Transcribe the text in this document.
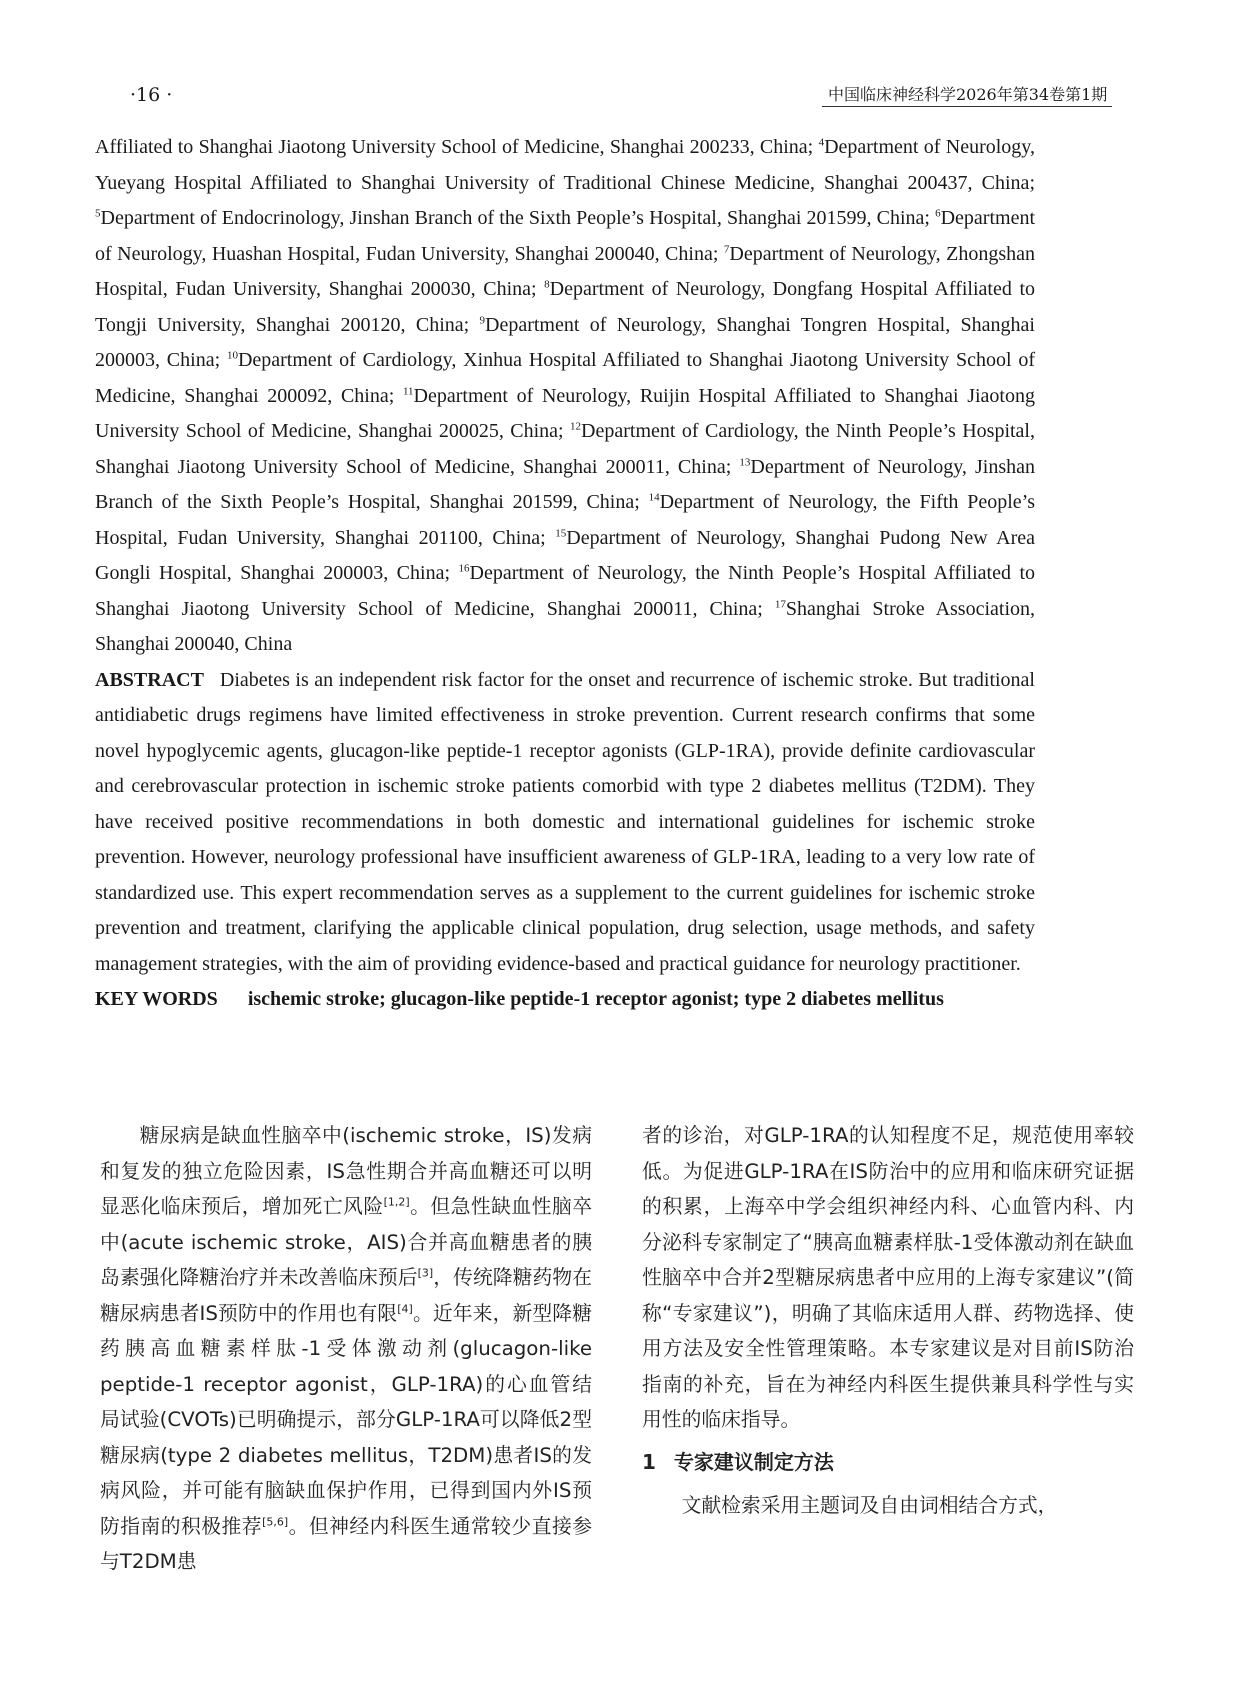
·16 ·	中国临床神经科学2026年第34卷第1期

Affiliated to Shanghai Jiaotong University School of Medicine, Shanghai 200233, China; $^4$Department of Neurology, Yueyang Hospital Affiliated to Shanghai University of Traditional Chinese Medicine, Shanghai 200437, China; $^5$Department of Endocrinology, Jinshan Branch of the Sixth People’s Hospital, Shanghai 201599, China; $^6$Department of Neurology, Huashan Hospital, Fudan University, Shanghai 200040, China; $^7$Department of Neurology, Zhongshan Hospital, Fudan University, Shanghai 200030, China; $^8$Department of Neurology, Dongfang Hospital Affiliated to Tongji University, Shanghai 200120, China; $^9$Department of Neurology, Shanghai Tongren Hospital, Shanghai 200003, China; $^{10}$Department of Cardiology, Xinhua Hospital Affiliated to Shanghai Jiaotong University School of Medicine, Shanghai 200092, China; $^{11}$Department of Neurology, Ruijin Hospital Affiliated to Shanghai Jiaotong University School of Medicine, Shanghai 200025, China; $^{12}$Department of Cardiology, the Ninth People’s Hospital, Shanghai Jiaotong University School of Medicine, Shanghai 200011, China; $^{13}$Department of Neurology, Jinshan Branch of the Sixth People’s Hospital, Shanghai 201599, China; $^{14}$Department of Neurology, the Fifth People’s Hospital, Fudan University, Shanghai 201100, China; $^{15}$Department of Neurology, Shanghai Pudong New Area Gongli Hospital, Shanghai 200003, China; $^{16}$Department of Neurology, the Ninth People’s Hospital Affiliated to Shanghai Jiaotong University School of Medicine, Shanghai 200011, China; $^{17}$Shanghai Stroke Association, Shanghai 200040, China

ABSTRACT Diabetes is an independent risk factor for the onset and recurrence of ischemic stroke. But traditional antidiabetic drugs regimens have limited effectiveness in stroke prevention. Current research confirms that some novel hypoglycemic agents, glucagon-like peptide-1 receptor agonists (GLP-1RA), provide definite cardiovascular and cerebrovascular protection in ischemic stroke patients comorbid with type 2 diabetes mellitus (T2DM). They have received positive recommendations in both domestic and international guidelines for ischemic stroke prevention. However, neurology professional have insufficient awareness of GLP-1RA, leading to a very low rate of standardized use. This expert recommendation serves as a supplement to the current guidelines for ischemic stroke prevention and treatment, clarifying the applicable clinical population, drug selection, usage methods, and safety management strategies, with the aim of providing evidence-based and practical guidance for neurology practitioner.

KEY WORDS ischemic stroke; glucagon-like peptide-1 receptor agonist; type 2 diabetes mellitus

糖尿病是缺血性脑卒中(ischemic stroke，IS)发病和复发的独立危险因素，IS急性期合并高血糖还可以明显恶化临床预后，增加死亡风险[1,2]。但急性缺血性脑卒中(acute ischemic stroke，AIS)合并高血糖患者的胰岛素强化降糖治疗并未改善临床预后[3]，传统降糖药物在糖尿病患者IS预防中的作用也有限[4]。近年来，新型降糖药胰高血糖素样肽-1受体激动剂(glucagon-like peptide-1 receptor agonist，GLP-1RA)的心血管结局试验(CVOTs)已明确提示，部分GLP-1RA可以降低2型糖尿病(type 2 diabetes mellitus，T2DM)患者IS的发病风险，并可能有脑缺血保护作用，已得到国内外IS预防指南的积极推荐[5,6]。但神经内科医生通常较少直接参与T2DM患

者的诊治，对GLP-1RA的认知程度不足，规范使用率较低。为促进GLP-1RA在IS防治中的应用和临床研究证据的积累，上海卒中学会组织神经内科、心血管内科、内分泌科专家制定了“胰高血糖素样肽-1受体激动剂在缺血性脑卒中合并2型糖尿病患者中应用的上海专家建议”(简称“专家建议”)，明确了其临床适用人群、药物选择、使用方法及安全性管理策略。本专家建议是对目前IS防治指南的补充，旨在为神经内科医生提供兼具科学性与实用性的临床指导。

1 专家建议制定方法

文献检索采用主题词及自由词相结合方式，
